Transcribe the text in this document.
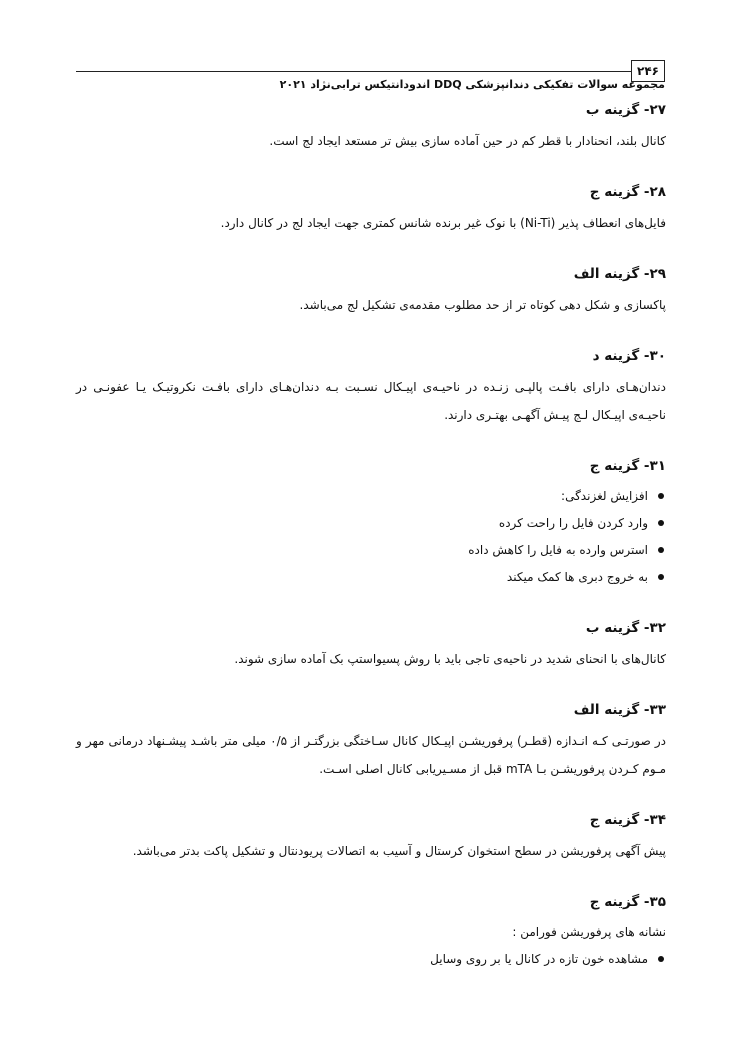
۲۴۶
مجموعه سوالات تفکیکی دندانپزشکی DDQ اندودانتیکس ترابی‌نژاد ۲۰۲۱
۲۷- گزینه ب

کانال بلند، انحنادار با قطر کم در حین آماده سازی بیش تر مستعد ایجاد لج است.

۲۸- گزینه ج

فایل‌های انعطاف پذیر (Ni-Ti) با نوک غیر برنده شانس کمتری جهت ایجاد لج در کانال دارد.

۲۹- گزینه الف

پاکسازی و شکل دهی کوتاه تر از حد مطلوب مقدمه‌ی تشکیل لج می‌باشد.

۳۰- گزینه د

دندان‌هـای دارای بافـت پالپـی زنـده در ناحیـه‌ی اپیـکال نسـبت بـه دندان‌هـای دارای بافـت نکروتیـک یـا عفونـی در ناحیـه‌ی اپیـکال لـج پیـش آگهـی بهتـری دارند.

۳۱- گزینه ج
افزایش لغزندگی:
وارد کردن فایل را راحت کرده
استرس وارده به فایل را کاهش داده
به خروج دبری ها کمک میکند
۳۲- گزینه ب

کانال‌های با انحنای شدید در ناحیه‌ی تاجی باید با روش پسیواستپ بک آماده سازی شوند.

۳۳- گزینه الف

در صورتـی کـه انـدازه (قطـر) پرفوریشـن اپیـکال کانال سـاختگی بزرگتـر از ۰/۵ میلی متر باشـد پیشـنهاد درمانی مهر و مـوم کـردن پرفوریشـن بـا mTA قبل از مسـیریابی کانال اصلی اسـت.

۳۴- گزینه ج

پیش آگهی پرفوریشن در سطح استخوان کرستال و آسیب به اتصالات پریودنتال و تشکیل پاکت بدتر می‌باشد.

۳۵- گزینه ج

نشانه های پرفوریشن فورامن :

مشاهده خون تازه در کانال یا بر روی وسایل
